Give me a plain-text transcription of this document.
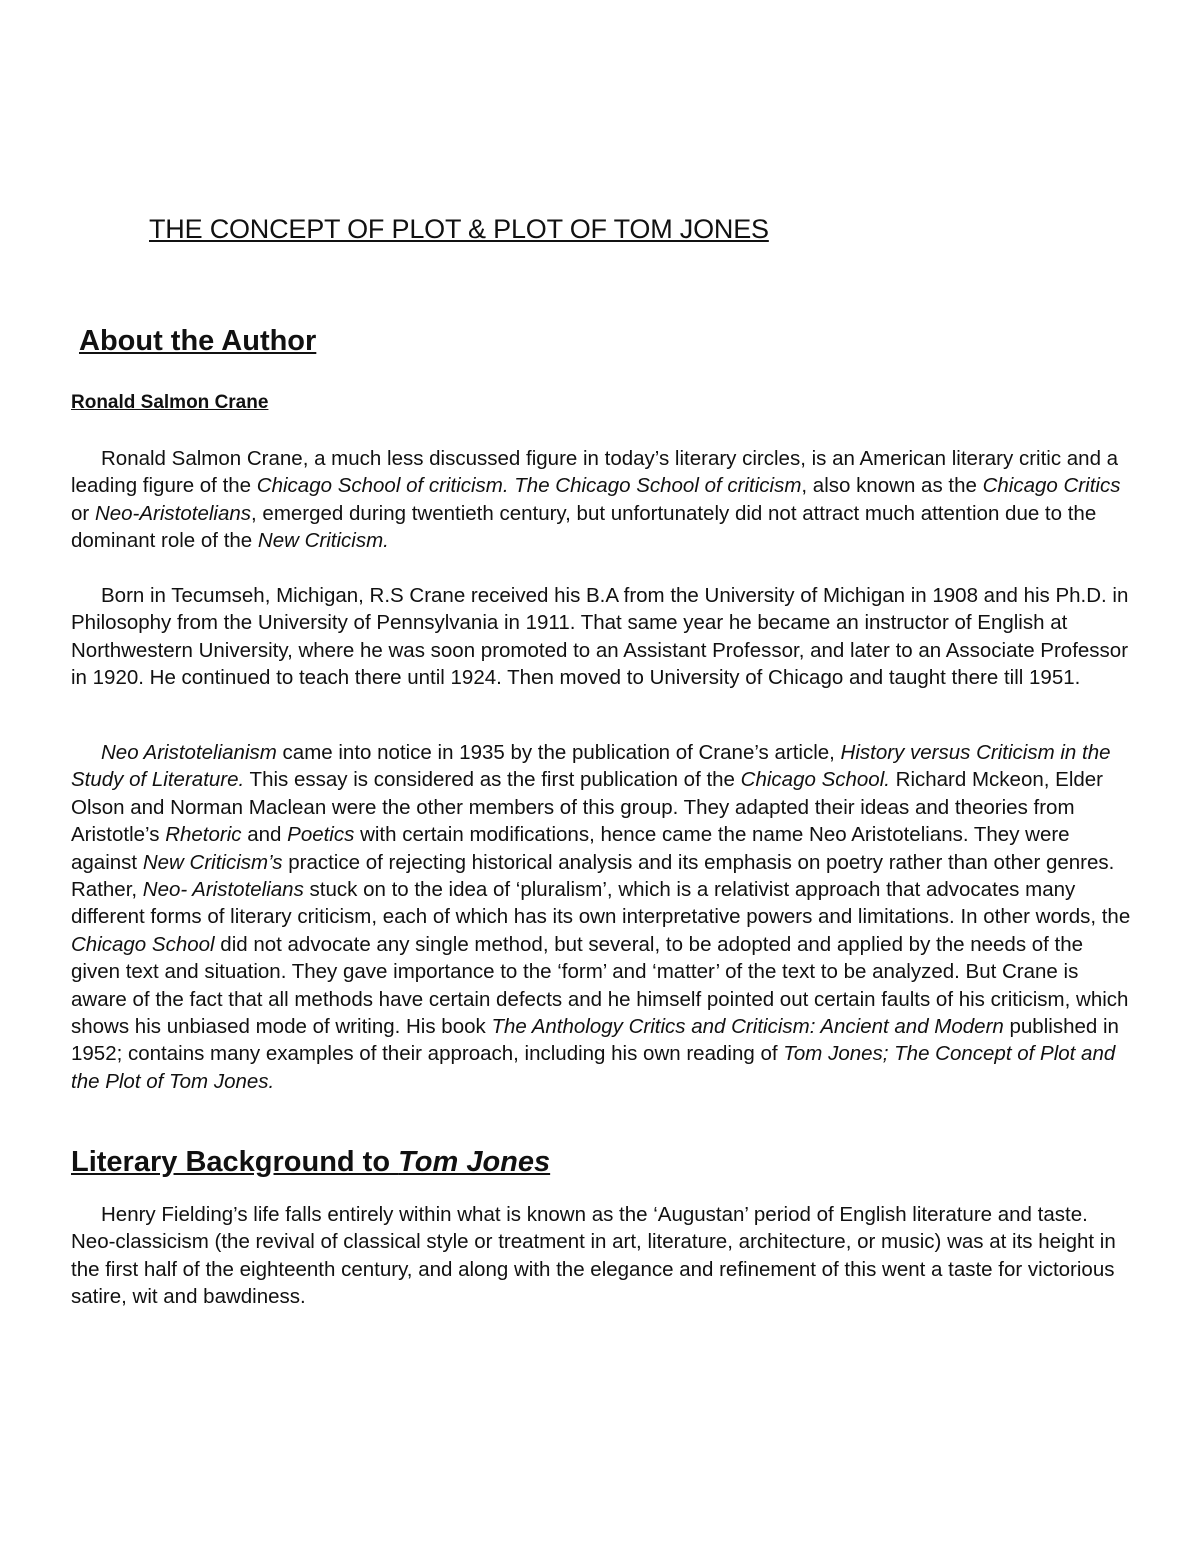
THE CONCEPT OF PLOT & PLOT OF TOM JONES
About the Author
Ronald Salmon Crane

Ronald Salmon Crane, a much less discussed figure in today’s literary circles, is an American literary critic and a leading figure of the Chicago School of criticism. The Chicago School of criticism, also known as the Chicago Critics or Neo-Aristotelians, emerged during twentieth century, but unfortunately did not attract much attention due to the dominant role of the New Criticism.

Born in Tecumseh, Michigan, R.S Crane received his B.A from the University of Michigan in 1908 and his Ph.D. in Philosophy from the University of Pennsylvania in 1911. That same year he became an instructor of English at Northwestern University, where he was soon promoted to an Assistant Professor, and later to an Associate Professor in 1920. He continued to teach there until 1924. Then moved to University of Chicago and taught there till 1951.

Neo Aristotelianism came into notice in 1935 by the publication of Crane’s article, History versus Criticism in the Study of Literature. This essay is considered as the first publication of the Chicago School. Richard Mckeon, Elder Olson and Norman Maclean were the other members of this group. They adapted their ideas and theories from Aristotle’s Rhetoric and Poetics with certain modifications, hence came the name Neo Aristotelians. They were against New Criticism’s practice of rejecting historical analysis and its emphasis on poetry rather than other genres. Rather, Neo- Aristotelians stuck on to the idea of ‘pluralism’, which is a relativist approach that advocates many different forms of literary criticism, each of which has its own interpretative powers and limitations. In other words, the Chicago School did not advocate any single method, but several, to be adopted and applied by the needs of the given text and situation. They gave importance to the ‘form’ and ‘matter’ of the text to be analyzed. But Crane is aware of the fact that all methods have certain defects and he himself pointed out certain faults of his criticism, which shows his unbiased mode of writing. His book The Anthology Critics and Criticism: Ancient and Modern published in 1952; contains many examples of their approach, including his own reading of Tom Jones; The Concept of Plot and the Plot of Tom Jones.

Literary Background to Tom Jones

Henry Fielding’s life falls entirely within what is known as the ‘Augustan’ period of English literature and taste. Neo-classicism (the revival of classical style or treatment in art, literature, architecture, or music) was at its height in the first half of the eighteenth century, and along with the elegance and refinement of this went a taste for victorious satire, wit and bawdiness.
